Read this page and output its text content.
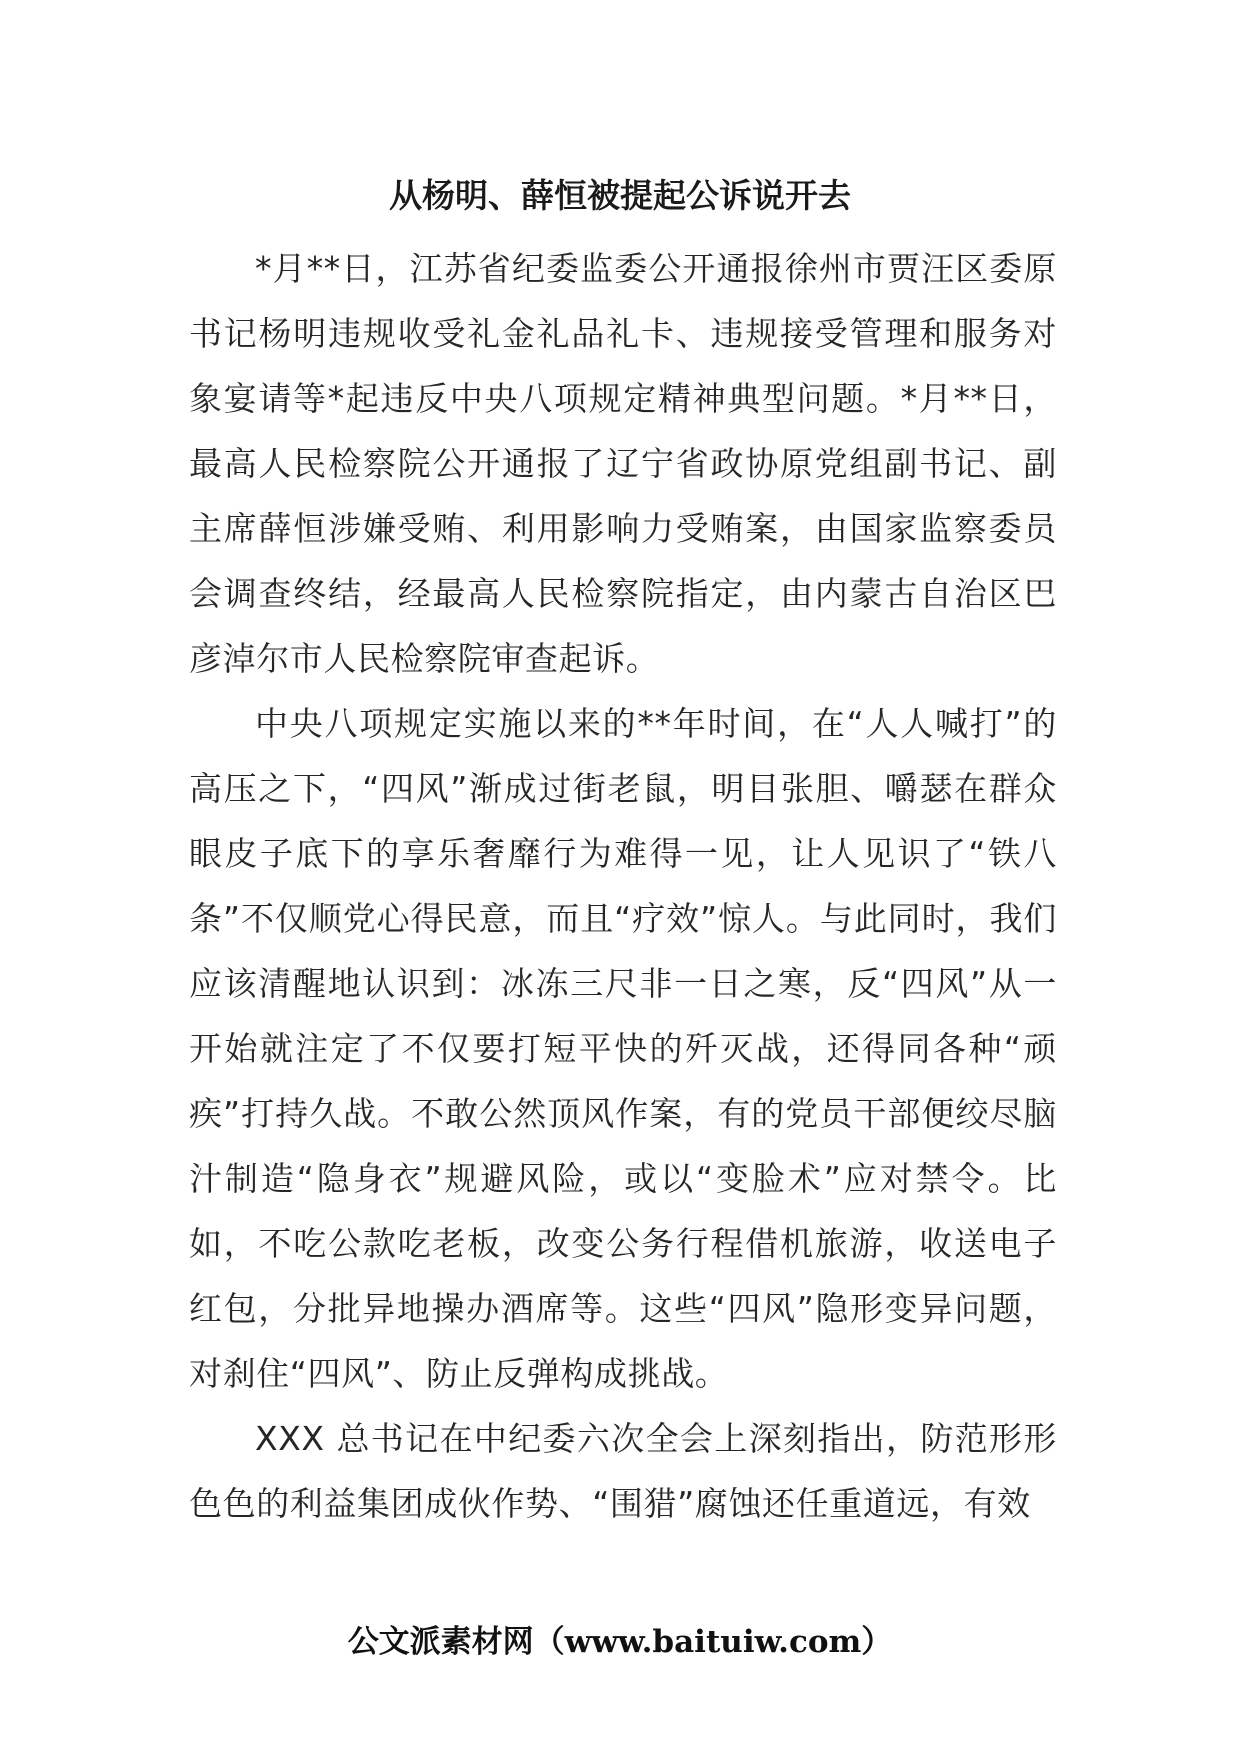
从杨明、薛恒被提起公诉说开去

*月**日，江苏省纪委监委公开通报徐州市贾汪区委原书记杨明违规收受礼金礼品礼卡、违规接受管理和服务对象宴请等*起违反中央八项规定精神典型问题。*月**日，最高人民检察院公开通报了辽宁省政协原党组副书记、副主席薛恒涉嫌受贿、利用影响力受贿案，由国家监察委员会调查终结，经最高人民检察院指定，由内蒙古自治区巴彦淖尔市人民检察院审查起诉。

中央八项规定实施以来的**年时间，在“人人喊打”的高压之下，“四风”渐成过街老鼠，明目张胆、嚼瑟在群众眼皮子底下的享乐奢靡行为难得一见，让人见识了“铁八条”不仅顺党心得民意，而且“疗效”惊人。与此同时，我们应该清醒地认识到：冰冻三尺非一日之寒，反“四风”从一开始就注定了不仅要打短平快的歼灭战，还得同各种“顽疾”打持久战。不敢公然顶风作案，有的党员干部便绞尽脑汁制造“隐身衣”规避风险，或以“变脸术”应对禁令。比如，不吃公款吃老板，改变公务行程借机旅游，收送电子红包，分批异地操办酒席等。这些“四风”隐形变异问题，对刹住“四风”、防止反弹构成挑战。

XXX 总书记在中纪委六次全会上深刻指出，防范形形色色的利益集团成伙作势、“围猎”腐蚀还任重道远，有效

公文派素材网（www.baituiw.com）
